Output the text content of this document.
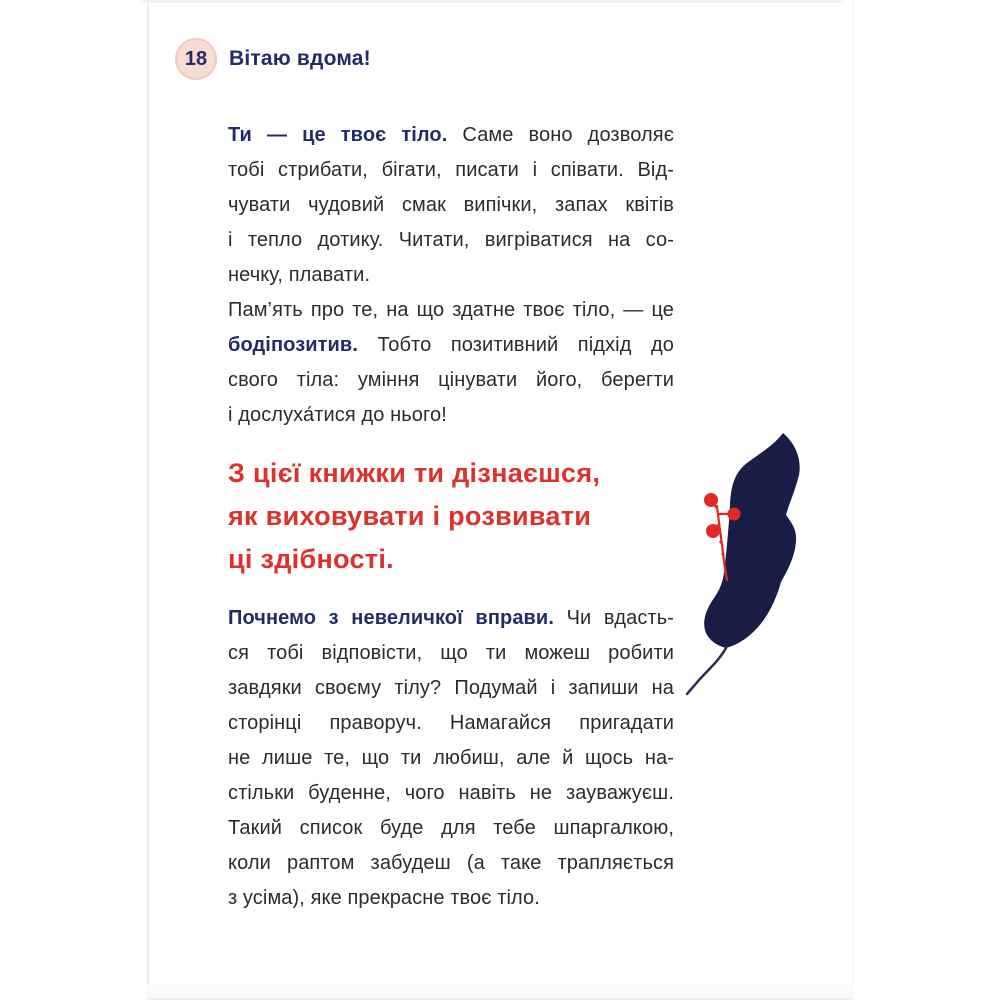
18 Вітаю вдома!
Ти — це твоє тіло. Саме воно дозволяє
тобі стрибати, бігати, писати і співати. Від-
чувати чудовий смак випічки, запах квітів
і тепло дотику. Читати, вигріватися на со-
нечку, плавати.
Пам’ять про те, на що здатне твоє тіло, — це
бодіпозитив. Тобто позитивний підхід до
свого тіла: уміння цінувати його, берегти
і дослуха́тися до нього!
З цієї книжки ти дізнаєшся,
як виховувати і розвивати
ці здібності.
Почнемо з невеличкої вправи. Чи вдасть-
ся тобі відповісти, що ти можеш робити
завдяки своєму тілу? Подумай і запиши на
сторінці праворуч. Намагайся пригадати
не лише те, що ти любиш, але й щось на-
стільки буденне, чого навіть не зауважуєш.
Такий список буде для тебе шпаргалкою,
коли раптом забудеш (а таке трапляється
з усіма), яке прекрасне твоє тіло.
